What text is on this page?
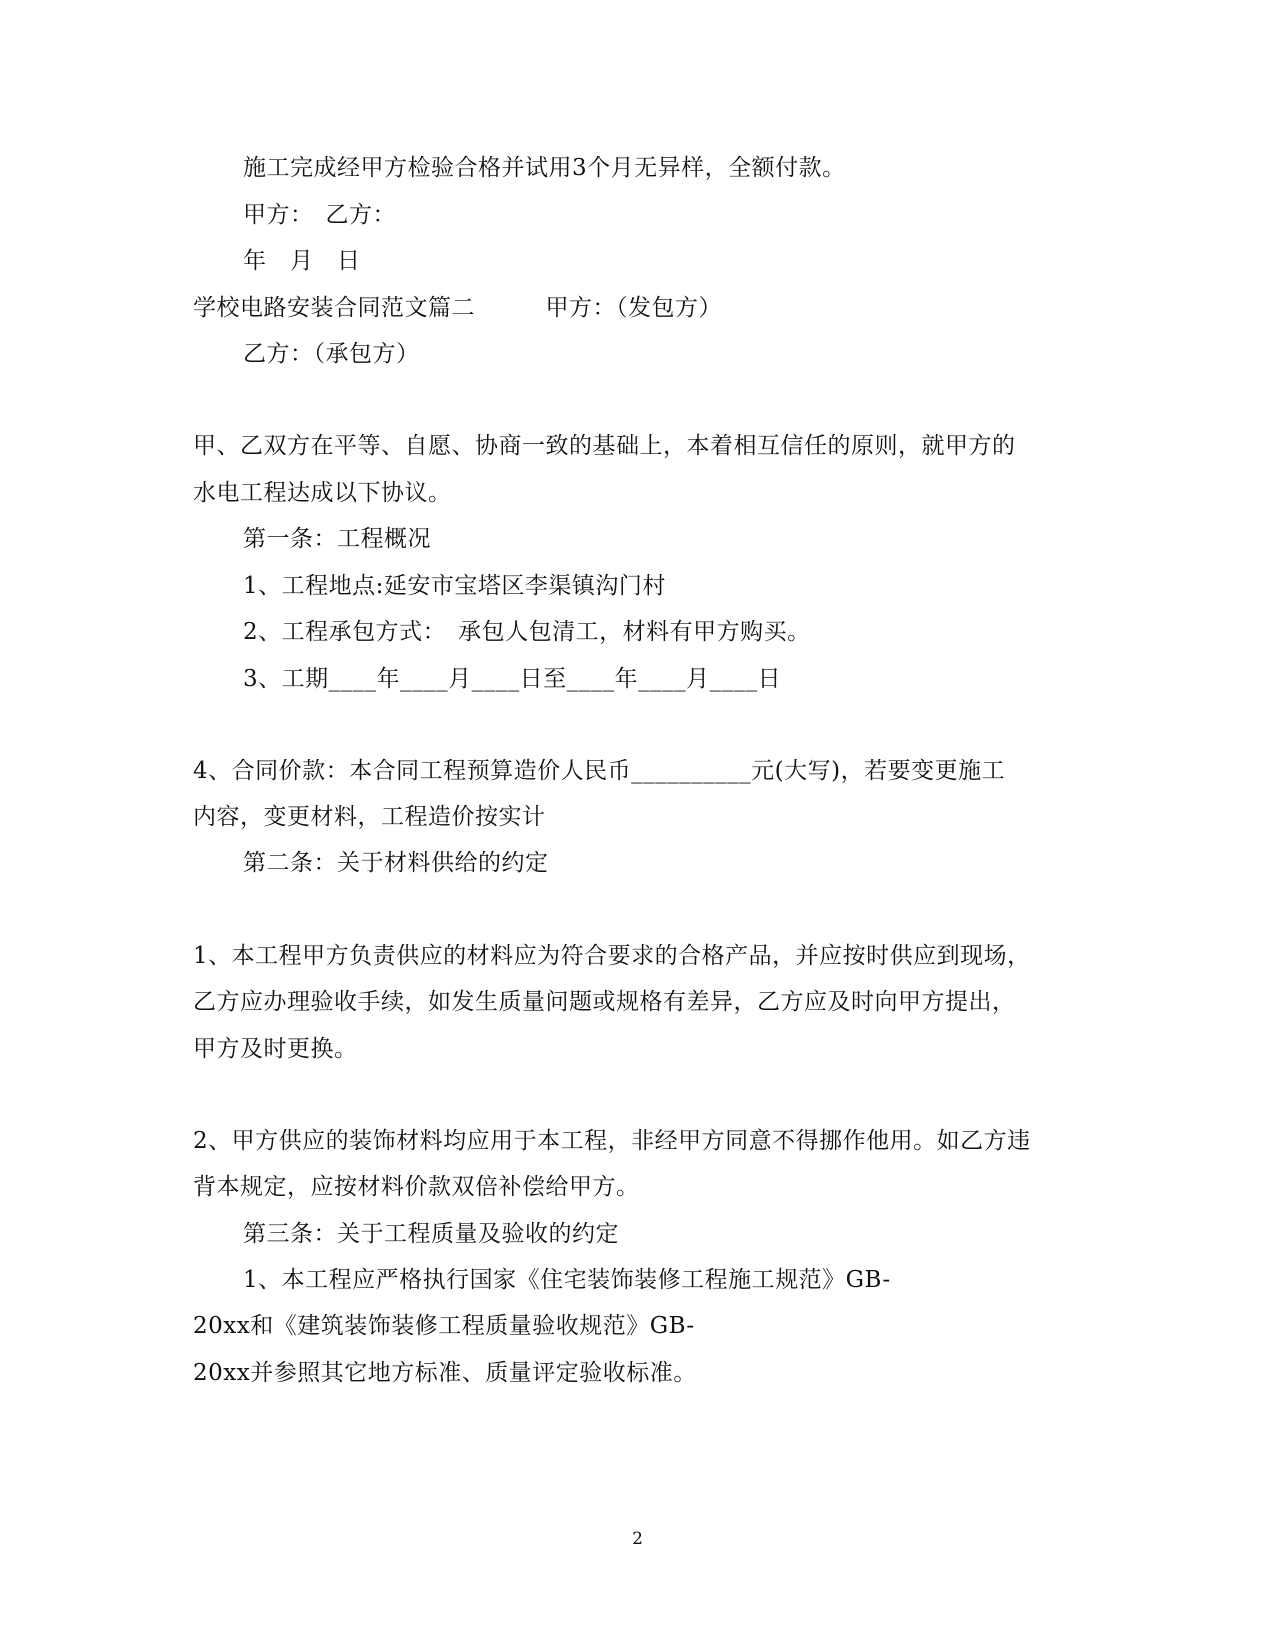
施工完成经甲方检验合格并试用3个月无异样，全额付款。
甲方：　乙方：
年　月　日
学校电路安装合同范文篇二　　　甲方：（发包方）
乙方：（承包方）
甲、乙双方在平等、自愿、协商一致的基础上，本着相互信任的原则，就甲方的
水电工程达成以下协议。
第一条：工程概况
1、工程地点:延安市宝塔区李渠镇沟门村
2、工程承包方式：　承包人包清工，材料有甲方购买。
3、工期____年____月____日至____年____月____日
4、合同价款：本合同工程预算造价人民币__________元(大写)，若要变更施工
内容，变更材料，工程造价按实计
第二条：关于材料供给的约定
1、本工程甲方负责供应的材料应为符合要求的合格产品，并应按时供应到现场，
乙方应办理验收手续，如发生质量问题或规格有差异，乙方应及时向甲方提出，
甲方及时更换。
2、甲方供应的装饰材料均应用于本工程，非经甲方同意不得挪作他用。如乙方违
背本规定，应按材料价款双倍补偿给甲方。
第三条：关于工程质量及验收的约定
1、本工程应严格执行国家《住宅装饰装修工程施工规范》GB-
20xx和《建筑装饰装修工程质量验收规范》GB-
20xx并参照其它地方标准、质量评定验收标准。
2
